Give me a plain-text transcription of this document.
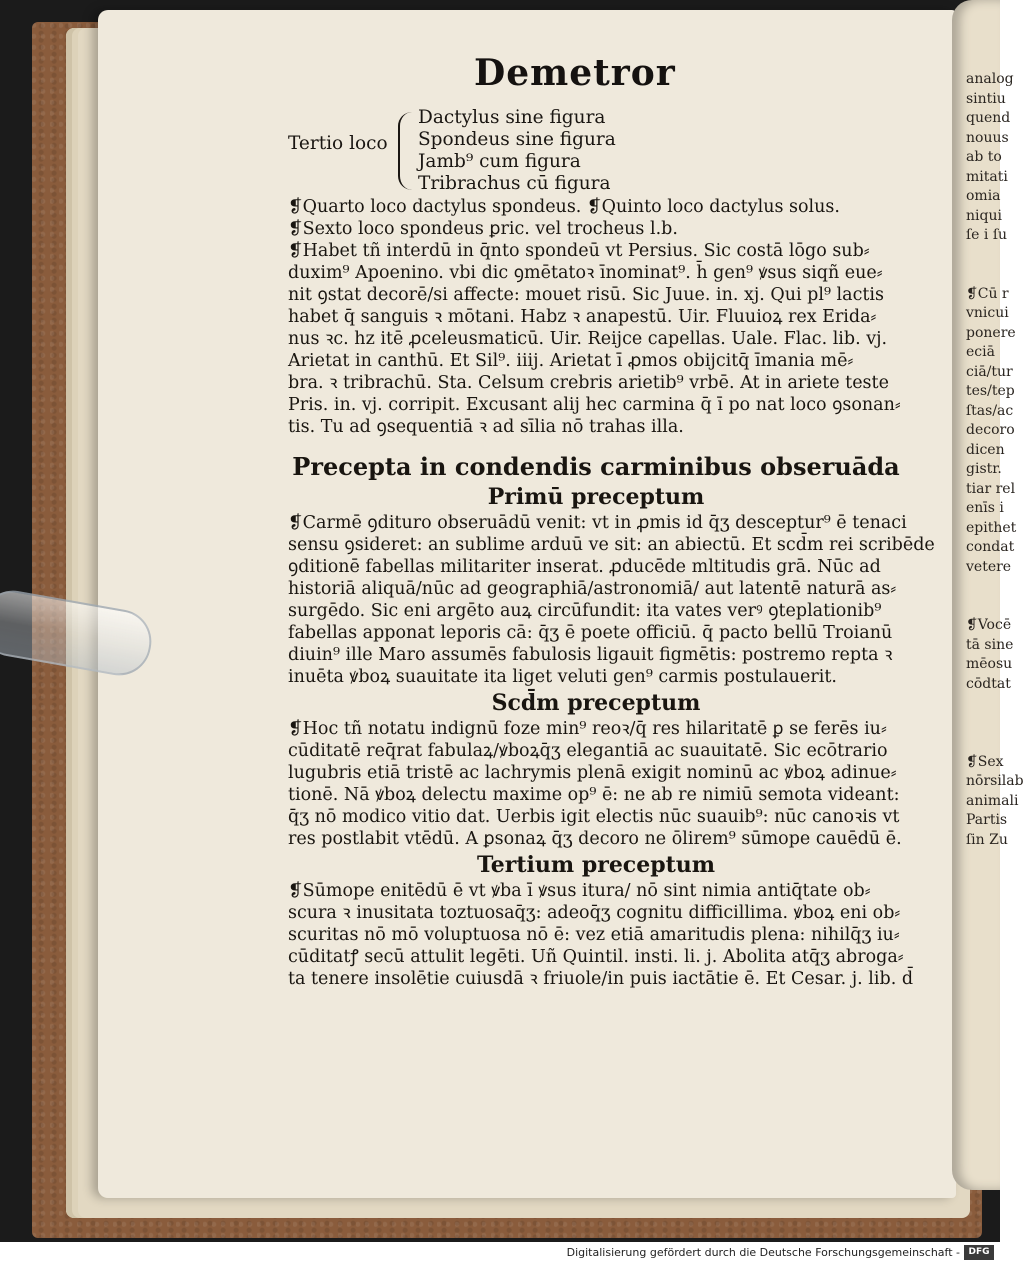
analog
sintiu
quend
nouus
ab to
mitati
omia
niqui
ſe i ſu
❡Cū r
vnicui
ponere
eciā
ciā/tur
tes/tep
ſtas/ac
decoro
dicen
gistr.
tiar rel
enīs i
epithet
condat
vetere
❡Vocē
tā sine
mēosu
cōdtat
❡Sex
nōrsilab
animali
Partis
ſin Zu
Demetror
Tertio loco
Dactylus sine figura
Spondeus sine figura
Jamb⁹ cum figura
Tribrachus cū figura
❡Quarto loco dactylus spondeus. ❡Quinto loco dactylus solus.
❡Sexto loco spondeus ꝑric. vel trocheus l.b.
❡Habet tñ interdū in q̄nto spondeū vt Persius. Sic costā lōgo sub⸗
duxim⁹ Apoenino. vbi dic ꝯmētatoꝛ īnominat⁹. h̄ gen⁹ ꝟsus siqñ eue⸗
nit ꝯstat decorē/si affecte: mouet risū. Sic Juue. in. xj. Qui pl⁹ lactis
habet q̄ sanguis ꝛ mōtani. Habz ꝛ anapestū. Uir. Fluuioꝝ rex Erida⸗
nus ꝛc. hz itē ꝓceleusmaticū. Uir. Reijce capellas. Uale. Flac. lib. vj.
Arietat in canthū. Et Sil⁹. iiij. Arietat ī ꝓmos obijcitq̄ īmania mē⸗
bra. ꝛ tribrachū. Sta. Celsum crebris arietib⁹ vrbē. At in ariete teste
Pris. in. vj. corripit. Excusant alij hec carmina q̄ ī po nat loco ꝯsonan⸗
tis. Tu ad ꝯsequentiā ꝛ ad sīlia nō trahas illa.
Precepta in condendis carminibus obseruāda
Primū preceptum
❡Carmē ꝯdituro obseruādū venit: vt in ꝓmis id q̄ʒ desceptur⁹ ē tenaci
sensu ꝯsideret: an sublime arduū ve sit: an abiectū. Et scd̄m rei scribēde
ꝯditionē fabellas militariter inserat. ꝓducēde mltitudis grā. Nūc ad
historiā aliquā/nūc ad geographiā/astronomiā/ aut latentē naturā as⸗
surgēdo. Sic eni argēto auꝝ circūfundit: ita vates verꝰ ꝯteplationib⁹
fabellas apponat leporis cā: q̄ʒ ē poete officiū. q̄ pacto bellū Troianū
diuin⁹ ille Maro assumēs fabulosis ligauit figmētis: postremo repta ꝛ
inuēta ꝟboꝝ suauitate ita liget veluti gen⁹ carmis postulauerit.
Scd̄m preceptum
❡Hoc tñ notatu indignū foze min⁹ reoꝛ/q̄ res hilaritatē ꝑ se ferēs iu⸗
cūditatē req̄rat fabulaꝝ/ꝟboꝝq̄ʒ elegantiā ac suauitatē. Sic ecōtrario
lugubris etiā tristē ac lachrymis plenā exigit nominū ac ꝟboꝝ adinue⸗
tionē. Nā ꝟboꝝ delectu maxime op⁹ ē: ne ab re nimiū semota videant:
q̄ʒ nō modico vitio dat. Uerbis igit electis nūc suauib⁹: nūc canoꝛis vt
res postlabit vtēdū. A ꝑsonaꝝ q̄ʒ decoro ne ōlirem⁹ sūmope cauēdū ē.
Tertium preceptum
❡Sūmope enitēdū ē vt ꝟba ī ꝟsus itura/ nō sint nimia antiq̄tate ob⸗
scura ꝛ inusitata toztuosaq̄ʒ: adeoq̄ʒ cognitu difficillima. ꝟboꝝ eni ob⸗
scuritas nō mō voluptuosa nō ē: vez etiā amaritudis plena: nihilq̄ʒ iu⸗
cūditatꝭ secū attulit legēti. Uñ Quintil. insti. li. j. Abolita atq̄ʒ abroga⸗
ta tenere insolētie cuiusdā ꝛ friuole/in puis iactātie ē. Et Cesar. j. lib. d̄
Digitalisierung gefördert durch die Deutsche Forschungsgemeinschaft - DFG
